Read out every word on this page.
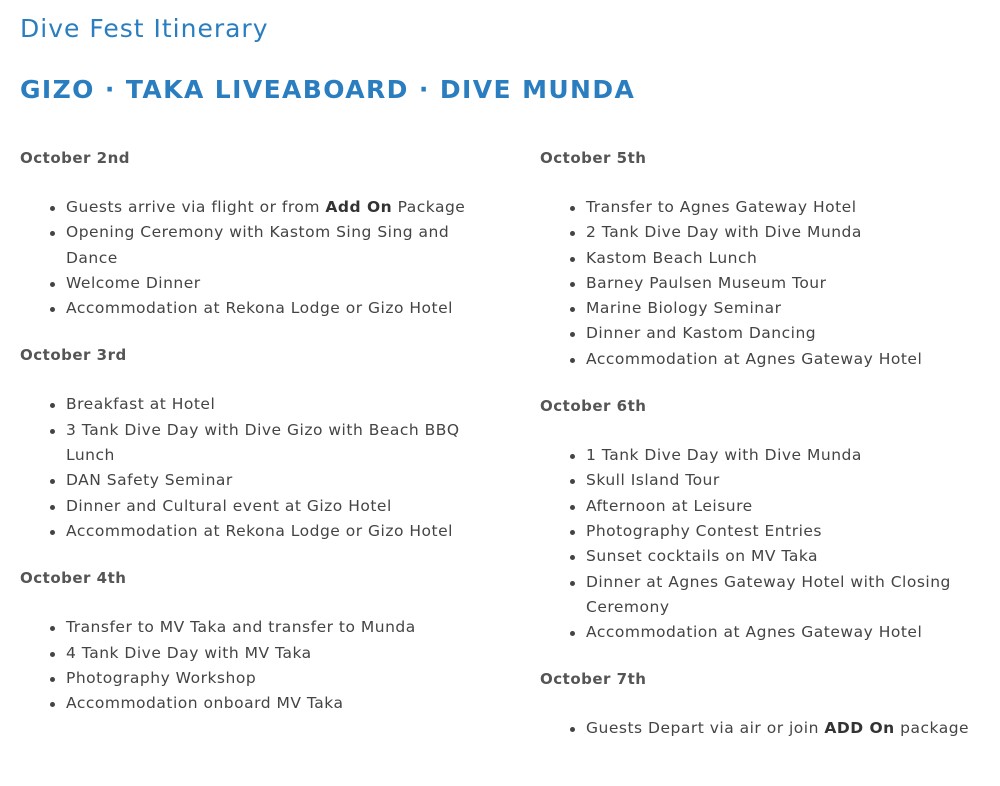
Dive Fest Itinerary
GIZO · TAKA LIVEABOARD · DIVE MUNDA
October 2nd
Guests arrive via flight or from Add On Package
Opening Ceremony with Kastom Sing Sing and Dance
Welcome Dinner
Accommodation at Rekona Lodge or Gizo Hotel
October 3rd
Breakfast at Hotel
3 Tank Dive Day with Dive Gizo with Beach BBQ Lunch
DAN Safety Seminar
Dinner and Cultural event at Gizo Hotel
Accommodation at Rekona Lodge or Gizo Hotel
October 4th
Transfer to MV Taka and transfer to Munda
4 Tank Dive Day with MV Taka
Photography Workshop
Accommodation onboard MV Taka
October 5th
Transfer to Agnes Gateway Hotel
2 Tank Dive Day with Dive Munda
Kastom Beach Lunch
Barney Paulsen Museum Tour
Marine Biology Seminar
Dinner and Kastom Dancing
Accommodation at Agnes Gateway Hotel
October 6th
1 Tank Dive Day with Dive Munda
Skull Island Tour
Afternoon at Leisure
Photography Contest Entries
Sunset cocktails on MV Taka
Dinner at Agnes Gateway Hotel with Closing
Ceremony
Accommodation at Agnes Gateway Hotel
October 7th
Guests Depart via air or join ADD On package
